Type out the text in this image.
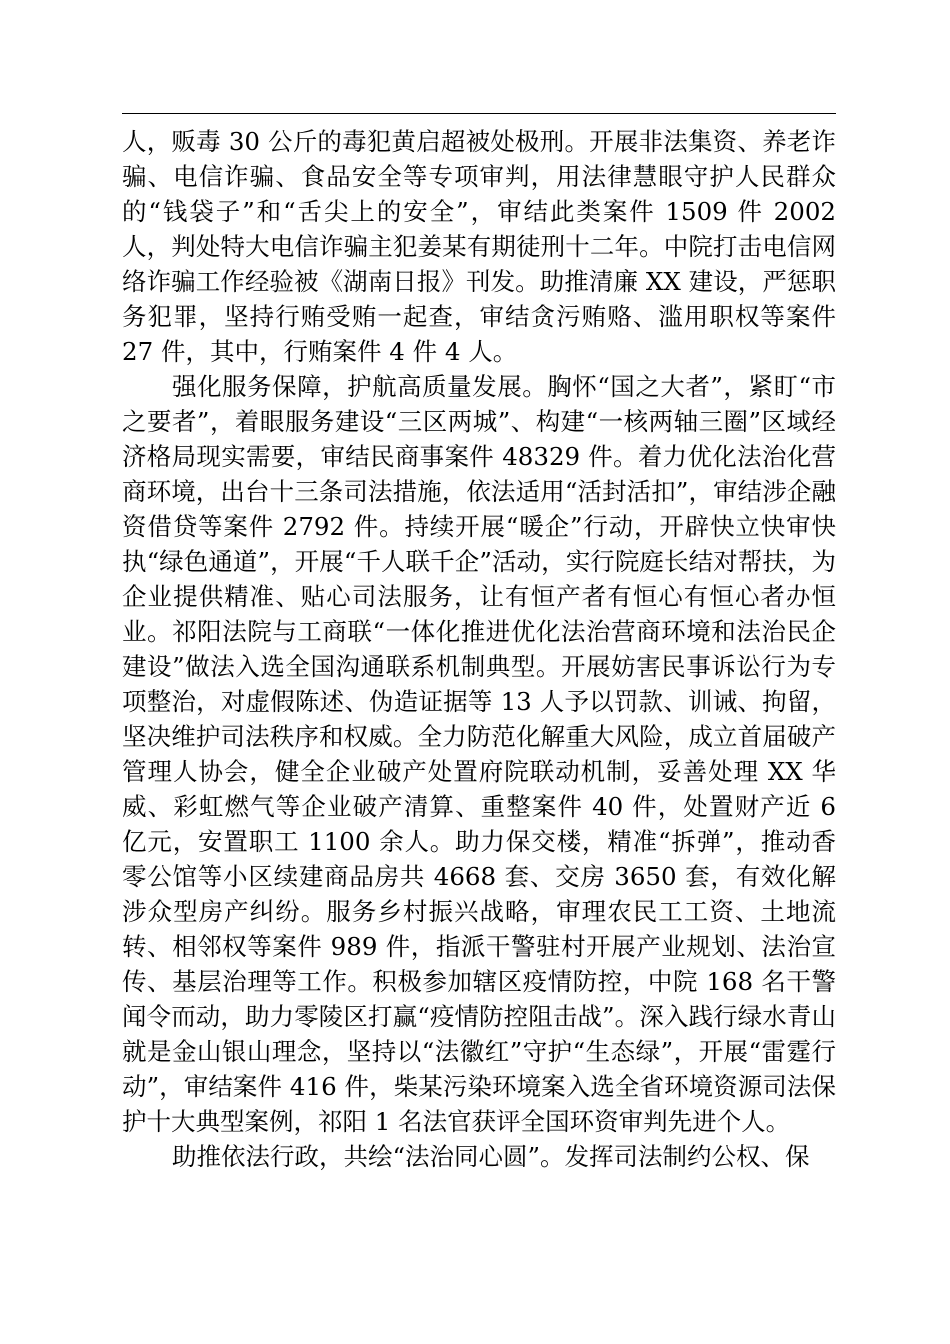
人，贩毒 30 公斤的毒犯黄启超被处极刑。开展非法集资、养老诈骗、电信诈骗、食品安全等专项审判，用法律慧眼守护人民群众的“钱袋子”和“舌尖上的安全”，审结此类案件 1509 件 2002 人，判处特大电信诈骗主犯姜某有期徒刑十二年。中院打击电信网络诈骗工作经验被《湖南日报》刊发。助推清廉 XX 建设，严惩职务犯罪，坚持行贿受贿一起查，审结贪污贿赂、滥用职权等案件 27 件，其中，行贿案件 4 件 4 人。

强化服务保障，护航高质量发展。胸怀“国之大者”，紧盯“市之要者”，着眼服务建设“三区两城”、构建“一核两轴三圈”区域经济格局现实需要，审结民商事案件 48329 件。着力优化法治化营商环境，出台十三条司法措施，依法适用“活封活扣”，审结涉企融资借贷等案件 2792 件。持续开展“暖企”行动，开辟快立快审快执“绿色通道”，开展“千人联千企”活动，实行院庭长结对帮扶，为企业提供精准、贴心司法服务，让有恒产者有恒心有恒心者办恒业。祁阳法院与工商联“一体化推进优化法治营商环境和法治民企建设”做法入选全国沟通联系机制典型。开展妨害民事诉讼行为专项整治，对虚假陈述、伪造证据等 13 人予以罚款、训诫、拘留，坚决维护司法秩序和权威。全力防范化解重大风险，成立首届破产管理人协会，健全企业破产处置府院联动机制，妥善处理 XX 华威、彩虹燃气等企业破产清算、重整案件 40 件，处置财产近 6 亿元，安置职工 1100 余人。助力保交楼，精准“拆弹”，推动香零公馆等小区续建商品房共 4668 套、交房 3650 套，有效化解涉众型房产纠纷。服务乡村振兴战略，审理农民工工资、土地流转、相邻权等案件 989 件，指派干警驻村开展产业规划、法治宣传、基层治理等工作。积极参加辖区疫情防控，中院 168 名干警闻令而动，助力零陵区打赢“疫情防控阻击战”。深入践行绿水青山就是金山银山理念，坚持以“法徽红”守护“生态绿”，开展“雷霆行动”，审结案件 416 件，柴某污染环境案入选全省环境资源司法保护十大典型案例，祁阳 1 名法官获评全国环资审判先进个人。

助推依法行政，共绘“法治同心圆”。发挥司法制约公权、保
